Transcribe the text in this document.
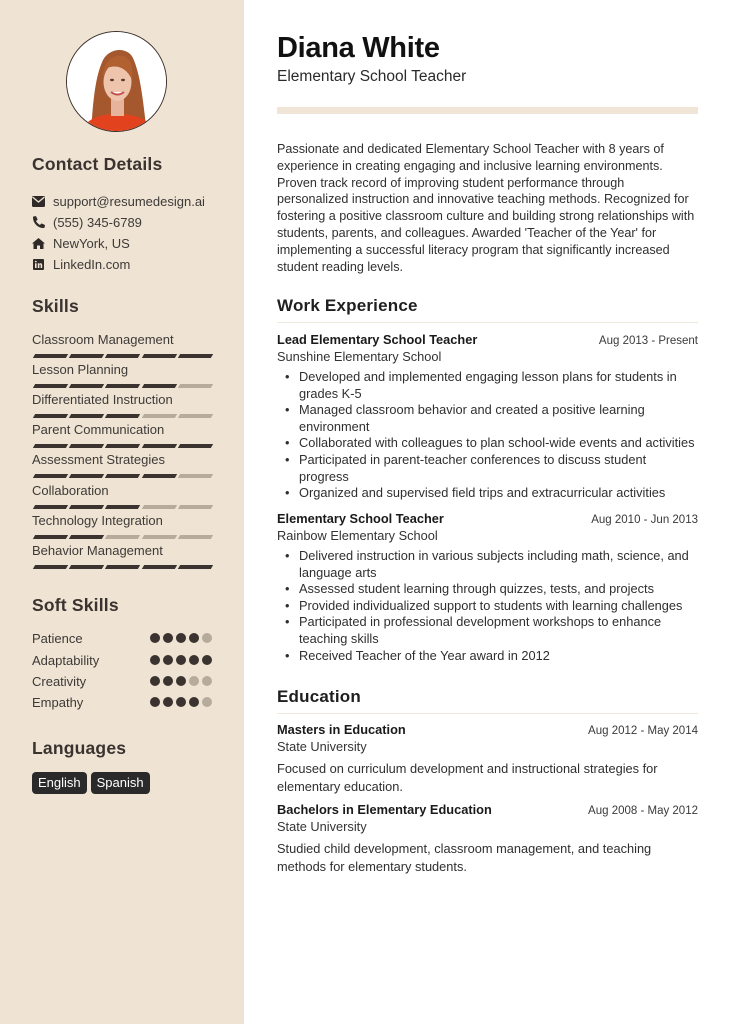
Contact Details
support@resumedesign.ai
(555) 345-6789
NewYork, US
LinkedIn.com
Skills
Classroom Management
Lesson Planning
Differentiated Instruction
Parent Communication
Assessment Strategies
Collaboration
Technology Integration
Behavior Management
Soft Skills
Patience
Adaptability
Creativity
Empathy
Languages
English	Spanish
Diana White
Elementary School Teacher
Passionate and dedicated Elementary School Teacher with 8 years of experience in creating engaging and inclusive learning environments. Proven track record of improving student performance through personalized instruction and innovative teaching methods. Recognized for fostering a positive classroom culture and building strong relationships with students, parents, and colleagues. Awarded 'Teacher of the Year' for implementing a successful literacy program that significantly increased student reading levels.
Work Experience
Lead Elementary School Teacher	Aug 2013 - Present
Sunshine Elementary School
• Developed and implemented engaging lesson plans for students in grades K-5
• Managed classroom behavior and created a positive learning environment
• Collaborated with colleagues to plan school-wide events and activities
• Participated in parent-teacher conferences to discuss student progress
• Organized and supervised field trips and extracurricular activities
Elementary School Teacher	Aug 2010 - Jun 2013
Rainbow Elementary School
• Delivered instruction in various subjects including math, science, and language arts
• Assessed student learning through quizzes, tests, and projects
• Provided individualized support to students with learning challenges
• Participated in professional development workshops to enhance teaching skills
• Received Teacher of the Year award in 2012
Education
Masters in Education	Aug 2012 - May 2014
State University
Focused on curriculum development and instructional strategies for elementary education.
Bachelors in Elementary Education	Aug 2008 - May 2012
State University
Studied child development, classroom management, and teaching methods for elementary students.
